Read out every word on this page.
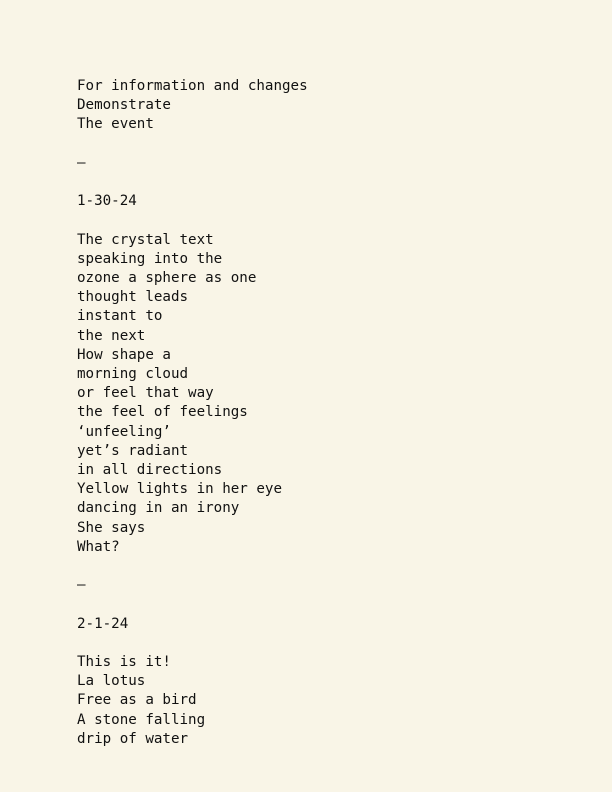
For information and changes
Demonstrate
The event
—
1-30-24
The crystal text
speaking into the
ozone a sphere as one
thought leads
instant to
the next
How shape a
morning cloud
or feel that way
the feel of feelings
‘unfeeling’
yet’s radiant
in all directions
Yellow lights in her eye
dancing in an irony
She says
What?
—
2-1-24
This is it!
La lotus
Free as a bird
A stone falling
drip of water
